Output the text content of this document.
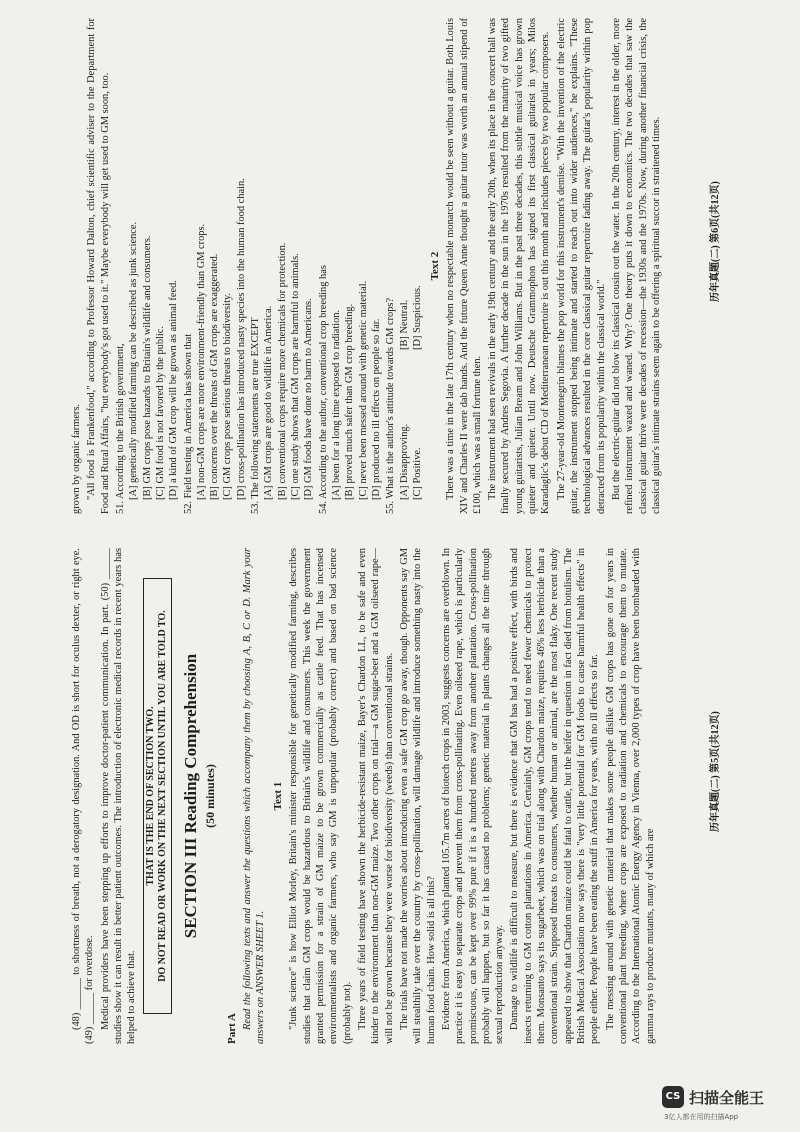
(48) ______ to shortness of breath, not a derogatory designation. And OD is short for oculus dexter, or right eye. (49) ______ for overdose. Medical providers have been stepping up efforts to improve doctor-patient communication. In part. (50) ______ studies show it can result in better patient outcomes. The introduction of electronic medical records in recent years has helped to achieve that.

THAT IS THE END OF SECTION TWO. DO NOT READ OR WORK ON THE NEXT SECTION UNTIL YOU ARE TOLD TO. SECTION III Reading Comprehension (50 minutes)
Part A Read the following texts and answer the questions which accompany them by choosing A, B, C or D. Mark your answers on ANSWER SHEET 1.

Text 1 "Junk science" is how Elliot Morley, Britain's minister responsible for genetically modified farming, describes studies that claim GM crops would be hazardous to Britain's wildlife and consumers. This week the government granted permission for a strain of GM maize to be grown commercially as cattle feed. That has incensed environmentalists and organic farmers, who say GM is unpopular (probably correct) and based on bad science (probably not). Three years of field testing have shown the herbicide-resistant maize, Bayer's Chardon LL, to be safe and even kinder to the environment than non-GM maize. Two other crops on trial—a GM sugar-beet and a GM oilseed rape—will not be grown because they were worse for biodiversity (weeds) than conventional strains. The trials have not made the worries about introducing even a safe GM crop go away, though. Opponents say GM will stealthily take over the country by cross-pollination, will damage wildlife and introduce something nasty into the human food chain. How solid is all this? Evidence from America, which planted 105.7m acres of biotech crops in 2003, suggests concerns are overblown. In practice it is easy to separate crops and prevent them from cross-pollinating. Even oilseed rape, which is particularly promiscuous, can be kept over 99% pure if it is a hundred metres away from another plantation. Cross-pollination probably will happen, but so far it has caused no problems; genetic material in plants changes all the time through sexual reproduction anyway. Damage to wildlife is difficult to measure, but there is evidence that GM has had a positive effect, with birds and insects returning to GM cotton plantations in America. Certainly, GM crops tend to need fewer chemicals to protect them. Monsanto says its sugarbeet, which was on trial along with Chardon maize, requires 46% less herbicide than a conventional strain. Supposed threats to consumers, whether human or animal, are the most flaky. One recent study appeared to show that Chardon maize could be fatal to cattle, but the heifer in question in fact died from botulism. The British Medical Association now says there is "very little potential for GM foods to cause harmful health effects" in people either. People have been eating the stuff in America for years, with no ill effects so far. The messing around with genetic material that makes some people dislike GM crops has gone on for years in conventional plant breeding, where crops are exposed to radiation and chemicals to encourage them to mutate. According to the International Atomic Energy Agency in Vienna, over 2,000 types of crop have been bombarded with gamma rays to produce mutants, many of which are

历年真题(二) 第5页(共12页)

grown by organic farmers. "All food is Frankenfood," according to Professor Howard Dalton, chief scientific adviser to the Department for Food and Rural Affairs, "but everybody's got used to it." Maybe everybody will get used to GM soon, too. 51. According to the British government, [A] genetically modified farming can be described as junk science. [B] GM crops pose hazards to Britain's wildlife and consumers. [C] GM food is not favored by the public. [D] a kind of GM crop will be grown as animal feed. 52. Field testing in America has shown that [A] non-GM crops are more environment-friendly than GM crops. [B] concerns over the threats of GM crops are exaggerated. [C] GM crops pose serious threats to biodiversity. [D] cross-pollination has introduced nasty species into the human food chain. 53. The following statements are true EXCEPT [A] GM crops are good to wildlife in America. [B] conventional crops require more chemicals for protection. [C] one study shows that GM crops are harmful to animals. [D] GM foods have done no harm to Americans. 54. According to the author, conventional crop breeding has [A] been for a long time exposed to radiation. [B] proved much safer than GM crop breeding. [C] never been messed around with genetic material. [D] produced no ill effects on people so far. 55. What is the author's attitude towards GM crops? [A] Disapproving.
[B] Neutral.
[C] Positive.
[D] Suspicious.
Text 2 There was a time in the late 17th century when no respectable monarch would be seen without a guitar. Both Louis XIV and Charles II were dab hands. And the future Queen Anne thought a guitar tutor was worth an annual stipend of £100, which was a small fortune then. The instrument had seen revivals in the early 19th century and the early 20th, when its place in the concert hall was finally secured by Andres Segovia. A further decade in the sun in the 1970s resulted from the maturity of two gifted young guitarists, Julian Bream and John Williams. But in the past three decades, this subtle musical voice has grown quieter and quieter. Until now. Deutsche Grammophon has signed its first classical guitarist in years; Milos Karadaglic's debut CD of Mediterranean repertoire is out this month and includes pieces by two popular composers. The 27-year-old Montenegrin blames the pop world for this instrument's demise. "With the invention of the electric guitar, the instrument stopped being intimate and started to reach out into wider audiences," he explains. "These technological advances resulted in the core classical guitar repertoire fading away. The guitar's popularity within pop detracted from its popularity within the classical world." But the electric-guitar did not blow its classical cousin out the water. In the 20th century, interest in the older, more refined instrument waxed and waned. Why? One theory puts it down to economics. The two decades that saw the classical guitar thrive were decades of recession—the 1930s and the 1970s. Now, during another financial crisis, the classical guitar's intimate strains seem again to be offering a spiritual succor in straitened times.	历年真题(二) 第6页(共12页)
CS 扫描全能王
3亿人都在用的扫描App
